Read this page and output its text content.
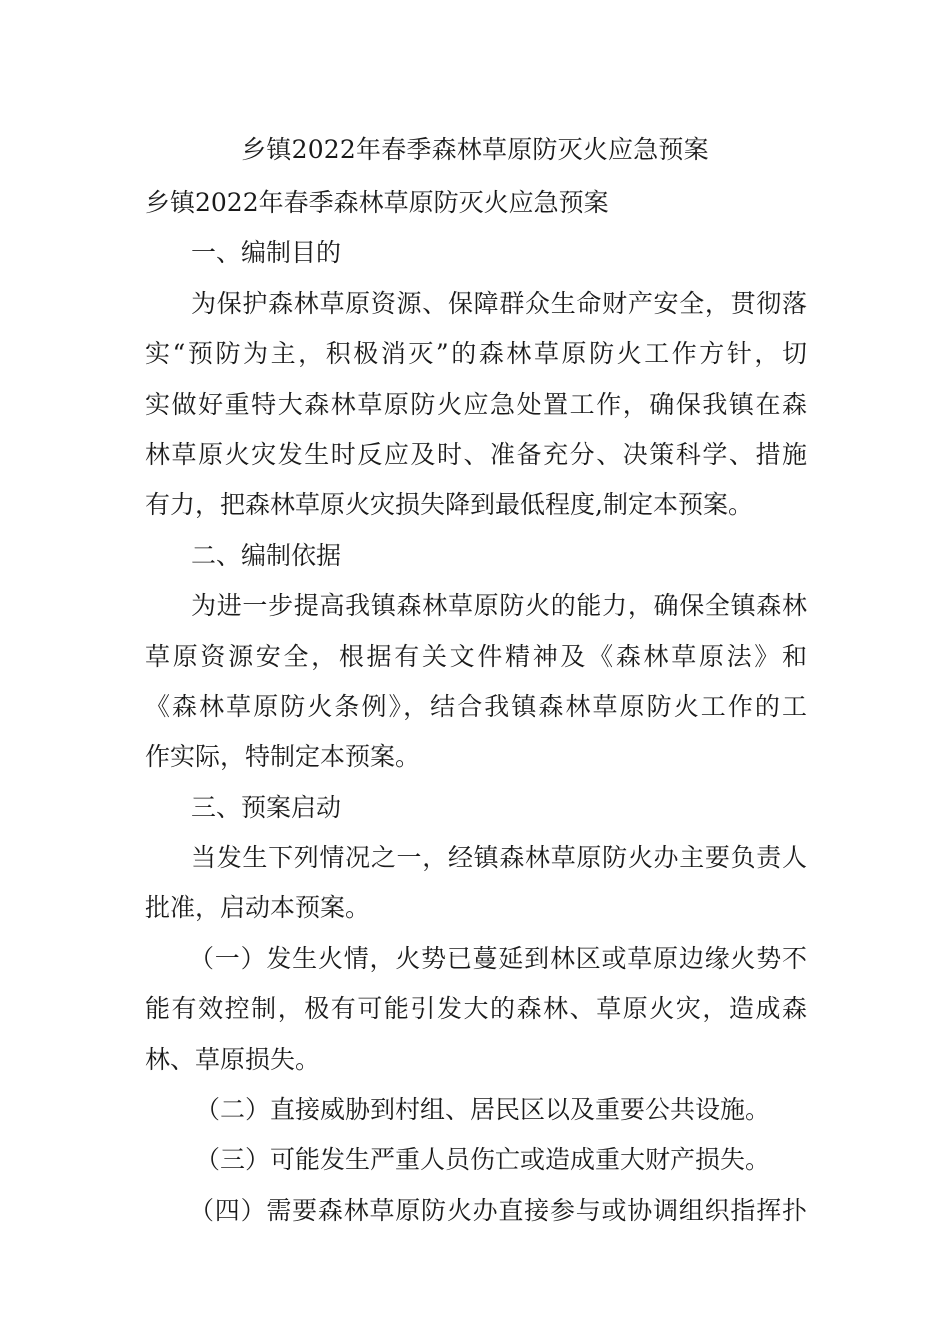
乡镇2022年春季森林草原防灭火应急预案
乡镇2022年春季森林草原防灭火应急预案
一、编制目的
为保护森林草原资源、保障群众生命财产安全，贯彻落
实“预防为主，积极消灭”的森林草原防火工作方针，切
实做好重特大森林草原防火应急处置工作，确保我镇在森
林草原火灾发生时反应及时、准备充分、决策科学、措施
有力，把森林草原火灾损失降到最低程度,制定本预案。
二、编制依据
为进一步提高我镇森林草原防火的能力，确保全镇森林
草原资源安全，根据有关文件精神及《森林草原法》和
《森林草原防火条例》，结合我镇森林草原防火工作的工
作实际，特制定本预案。
三、预案启动
当发生下列情况之一，经镇森林草原防火办主要负责人
批准，启动本预案。
（一）发生火情，火势已蔓延到林区或草原边缘火势不
能有效控制，极有可能引发大的森林、草原火灾，造成森
林、草原损失。
（二）直接威胁到村组、居民区以及重要公共设施。
（三）可能发生严重人员伤亡或造成重大财产损失。
（四）需要森林草原防火办直接参与或协调组织指挥扑
